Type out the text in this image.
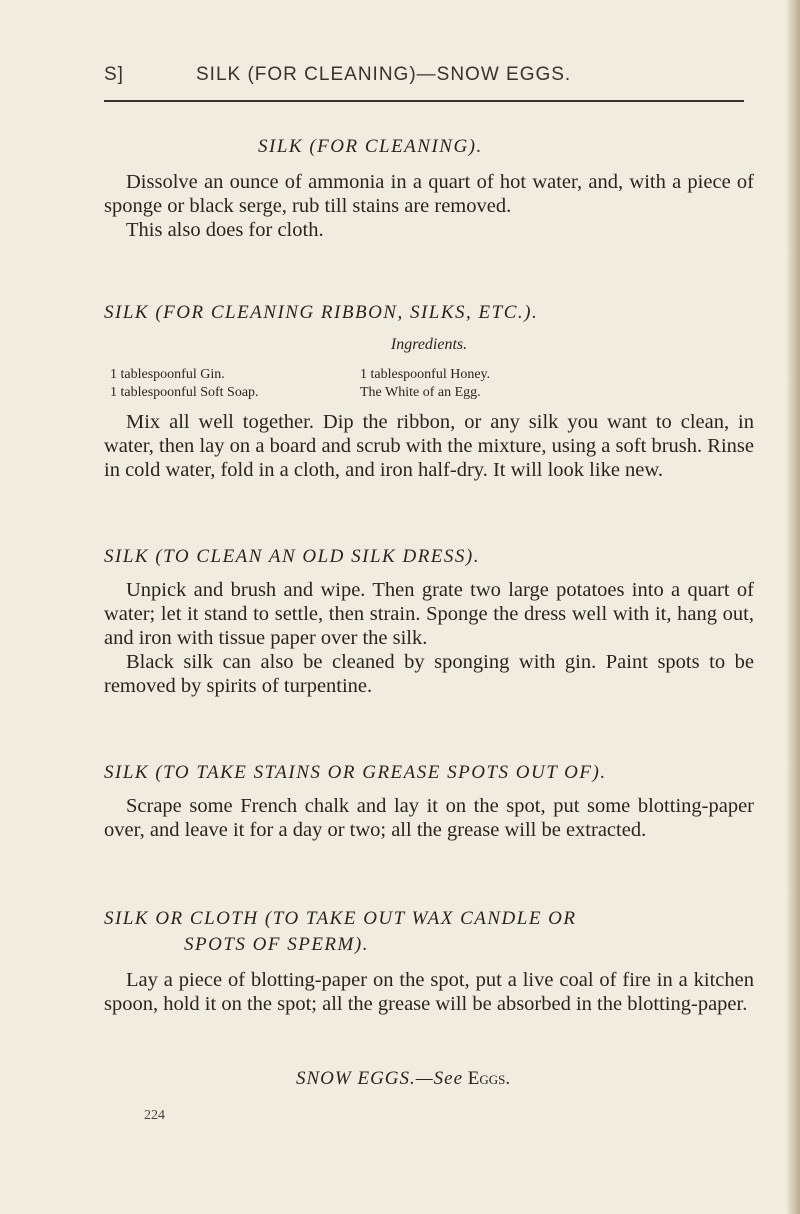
S]	SILK (FOR CLEANING)—SNOW EGGS.
SILK (FOR CLEANING).
Dissolve an ounce of ammonia in a quart of hot water, and, with a piece of sponge or black serge, rub till stains are removed.
This also does for cloth.
SILK (FOR CLEANING RIBBON, SILKS, ETC.).
Ingredients.
1 tablespoonful Gin.	1 tablespoonful Honey.
1 tablespoonful Soft Soap.	The White of an Egg.
Mix all well together. Dip the ribbon, or any silk you want to clean, in water, then lay on a board and scrub with the mixture, using a soft brush. Rinse in cold water, fold in a cloth, and iron half-dry. It will look like new.
SILK (TO CLEAN AN OLD SILK DRESS).
Unpick and brush and wipe. Then grate two large potatoes into a quart of water; let it stand to settle, then strain. Sponge the dress well with it, hang out, and iron with tissue paper over the silk.
Black silk can also be cleaned by sponging with gin. Paint spots to be removed by spirits of turpentine.
SILK (TO TAKE STAINS OR GREASE SPOTS OUT OF).
Scrape some French chalk and lay it on the spot, put some blotting-paper over, and leave it for a day or two; all the grease will be extracted.
SILK OR CLOTH (TO TAKE OUT WAX CANDLE OR
SPOTS OF SPERM).
Lay a piece of blotting-paper on the spot, put a live coal of fire in a kitchen spoon, hold it on the spot; all the grease will be absorbed in the blotting-paper.
SNOW EGGS.—See Eggs.
224
